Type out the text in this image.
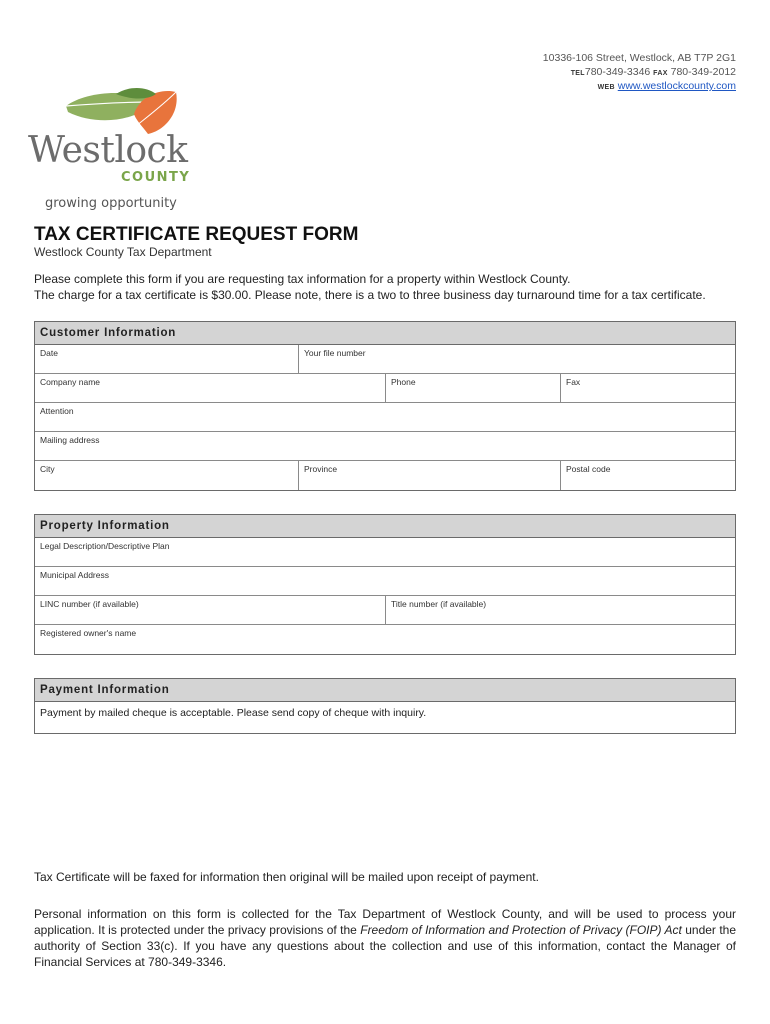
10336-106 Street, Westlock, AB T7P 2G1
TEL780-349-3346 FAX 780-349-2012
WEB www.westlockcounty.com
Westlock
COUNTY
growing opportunity
TAX CERTIFICATE REQUEST FORM
Westlock County Tax Department
Please complete this form if you are requesting tax information for a property within Westlock County.
The charge for a tax certificate is $30.00. Please note, there is a two to three business day turnaround time for a tax certificate.
Customer Information
Date	Your file number
Company name	Phone	Fax
Attention
Mailing address
City	Province	Postal code
Property Information
Legal Description/Descriptive Plan
Municipal Address
LINC number (if available)	Title number (if available)
Registered owner's name
Payment Information
Payment by mailed cheque is acceptable. Please send copy of cheque with inquiry.
Tax Certificate will be faxed for information then original will be mailed upon receipt of payment.
Personal information on this form is collected for the Tax Department of Westlock County, and will be used to process your application. It is protected under the privacy provisions of the Freedom of Information and Protection of Privacy (FOIP) Act under the authority of Section 33(c). If you have any questions about the collection and use of this information, contact the Manager of Financial Services at 780-349-3346.
